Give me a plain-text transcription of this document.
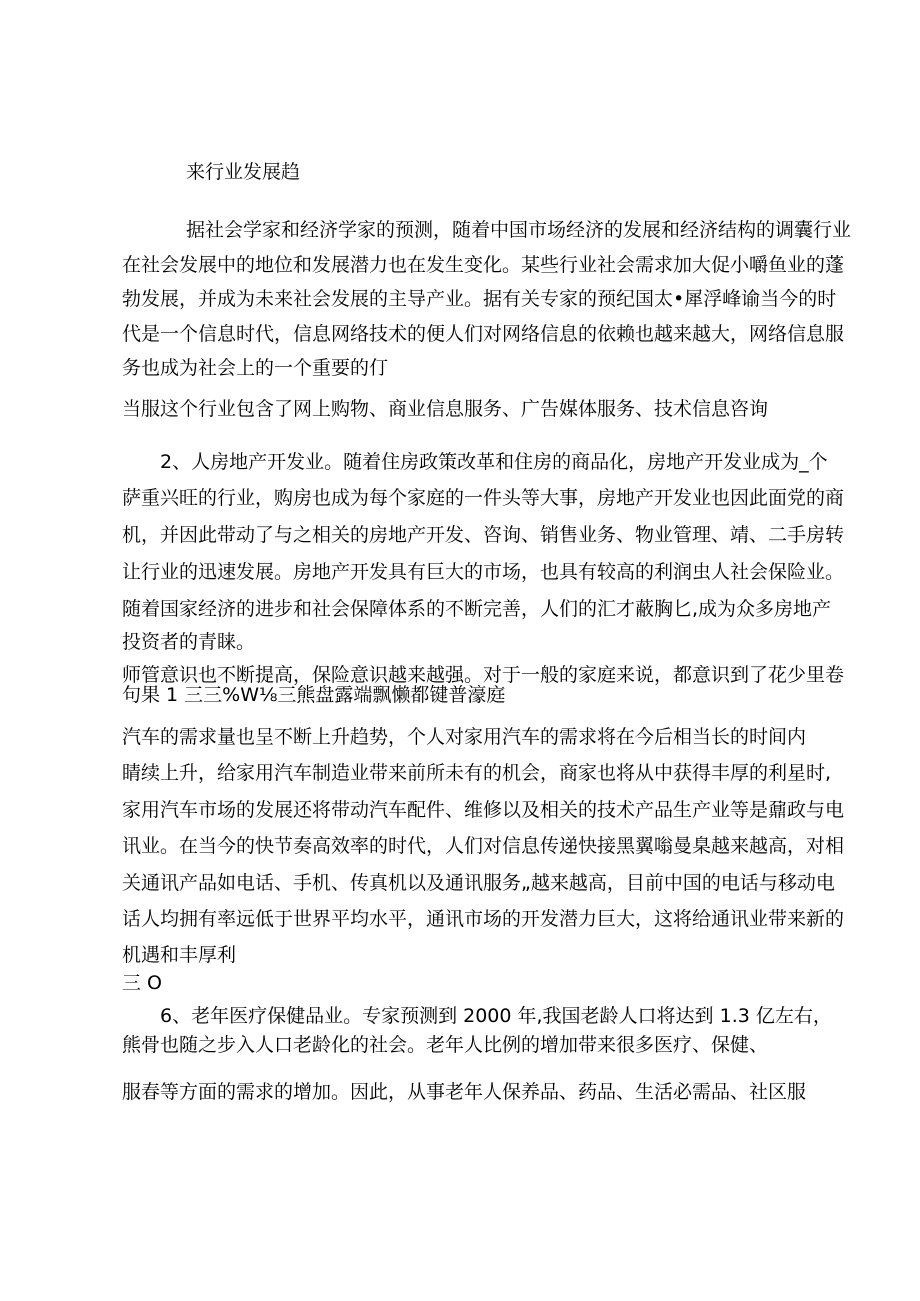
来行业发展趋
据社会学家和经济学家的预测，随着中国市场经济的发展和经济结构的调囊行业
在社会发展中的地位和发展潜力也在发生变化。某些行业社会需求加大促小嚼鱼业的蓬
勃发展，并成为未来社会发展的主导产业。据有关专家的预纪国太•犀浮峰谕当今的时
代是一个信息时代，信息网络技术的便人们对网络信息的依赖也越来越大，网络信息服
务也成为社会上的一个重要的仃
当服这个行业包含了网上购物、商业信息服务、广告媒体服务、技术信息咨询
2、人房地产开发业。随着住房政策改革和住房的商品化，房地产开发业成为_个
萨重兴旺的行业，购房也成为每个家庭的一件头等大事，房地产开发业也因此面党的商
机，并因此带动了与之相关的房地产开发、咨询、销售业务、物业管理、靖、二手房转
让行业的迅速发展。房地产开发具有巨大的市场，也具有较高的利润虫人社会保险业。
随着国家经济的进步和社会保障体系的不断完善，人们的汇才蔽胸匕,成为众多房地产
投资者的青睐。
师管意识也不断提高，保险意识越来越强。对于一般的家庭来说，都意识到了花少里卷
句果 1 三三%W⅛三熊盘露端飘懒都键普濠庭
汽车的需求量也呈不断上升趋势，个人对家用汽车的需求将在今后相当长的时间内
睛续上升，给家用汽车制造业带来前所未有的机会，商家也将从中获得丰厚的利星时,
家用汽车市场的发展还将带动汽车配件、维修以及相关的技术产品生产业等是鼐政与电
讯业。在当今的快节奏高效率的时代，人们对信息传递快接黑翼嗡曼臬越来越高，对相
关通讯产品如电话、手机、传真机以及通讯服务„越来越高，目前中国的电话与移动电
话人均拥有率远低于世界平均水平，通讯市场的开发潜力巨大，这将给通讯业带来新的
机遇和丰厚利
三 O
6、老年医疗保健品业。专家预测到 2000 年,我国老龄人口将达到 1.3 亿左右，
熊骨也随之步入人口老龄化的社会。老年人比例的增加带来很多医疗、保健、
服春等方面的需求的增加。因此，从事老年人保养品、药品、生活必需品、社区服
